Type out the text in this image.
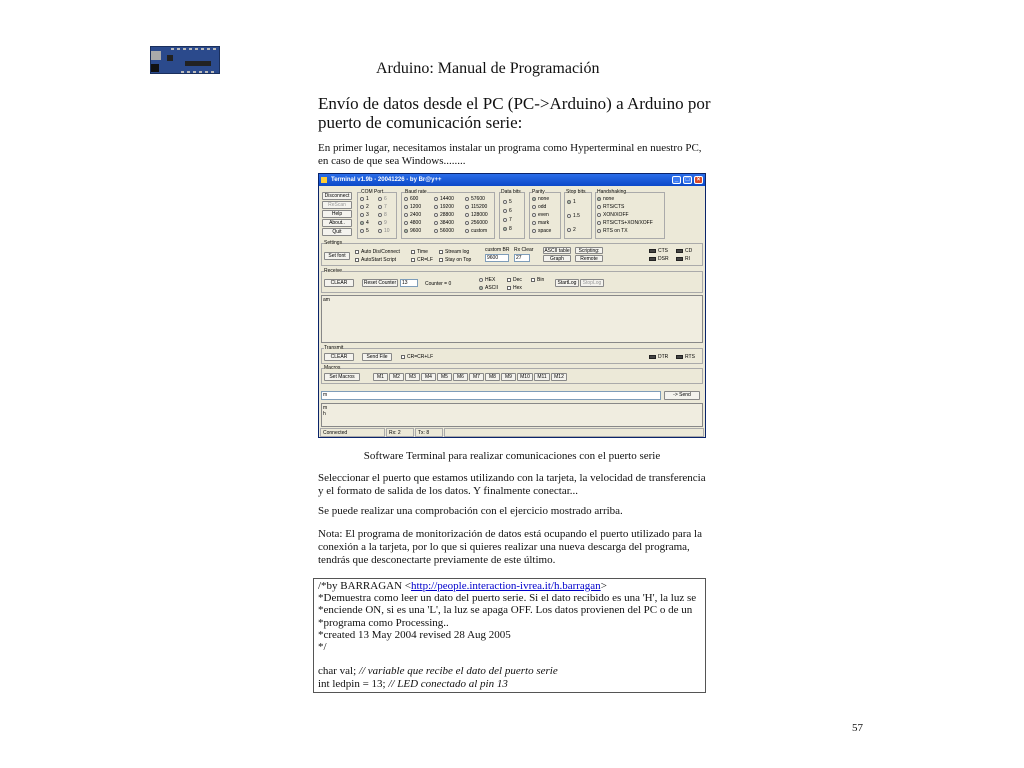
Arduino: Manual de Programación
Envío de datos desde el PC (PC->Arduino) a Arduino por puerto de comunicación serie:
En primer lugar, necesitamos instalar un programa como Hyperterminal en nuestro PC, en caso de que sea Windows........
Terminal v1.9b - 20041226 - by Br@y++	_	□	×
Disconnect
ReScan
Help
About..
Quit
COM Port
1
2
3
4
5
6
7
8
9
10
Baud rate
600
1200
2400
4800
9600
14400
19200
28800
38400
56000
57600
115200
128000
256000
custom
Data bits
5
6
7
8
Parity
none
odd
even
mark
space
Stop bits
1
1.5
2
Handshaking
none
RTS/CTS
XON/XOFF
RTS/CTS+XON/XOFF
RTS on TX
Settings
Set font
Auto Dis/Connect
AutoStart Script
Time
CR=LF
Stream log
Stay on Top
custom BR
9600
Rx Clear
27
ASCII table
Graph
Scripting:
Remote
CTS	CD
DSR	RI
Receive
CLEAR	Reset Counter	13	Counter = 0
HEX
ASCII
Dec
Hex
Bin	StartLog	StopLog
am
Transmit
CLEAR	Send File	CR=CR+LF	DTR	RTS
Macros
Set Macros	M1	M2	M3	M4	M5	M6	M7	M8	M9	M10	M11	M12
m	-> Send
m
h
Connected	Rx: 2	Tx: 8
Software Terminal para realizar comunicaciones con el puerto serie
Seleccionar el puerto que estamos utilizando con la tarjeta, la velocidad de transferencia y el formato de salida de los datos. Y finalmente conectar...
Se puede realizar una comprobación con el ejercicio mostrado arriba.
Nota: El programa de monitorización de datos está ocupando el puerto utilizado para la conexión a la tarjeta, por lo que si quieres realizar una nueva descarga del programa, tendrás que desconectarte previamente de este último.
/*by BARRAGAN <http://people.interaction-ivrea.it/h.barragan>
*Demuestra como leer un dato del puerto serie. Si el dato recibido es una 'H', la luz se
*enciende ON, si es una 'L', la luz se apaga OFF. Los datos provienen del PC o de un
*programa como Processing..
*created 13 May 2004 revised 28 Aug 2005
*/

char val; // variable que recibe el dato del puerto serie
int ledpin = 13; // LED conectado al pin 13
57
